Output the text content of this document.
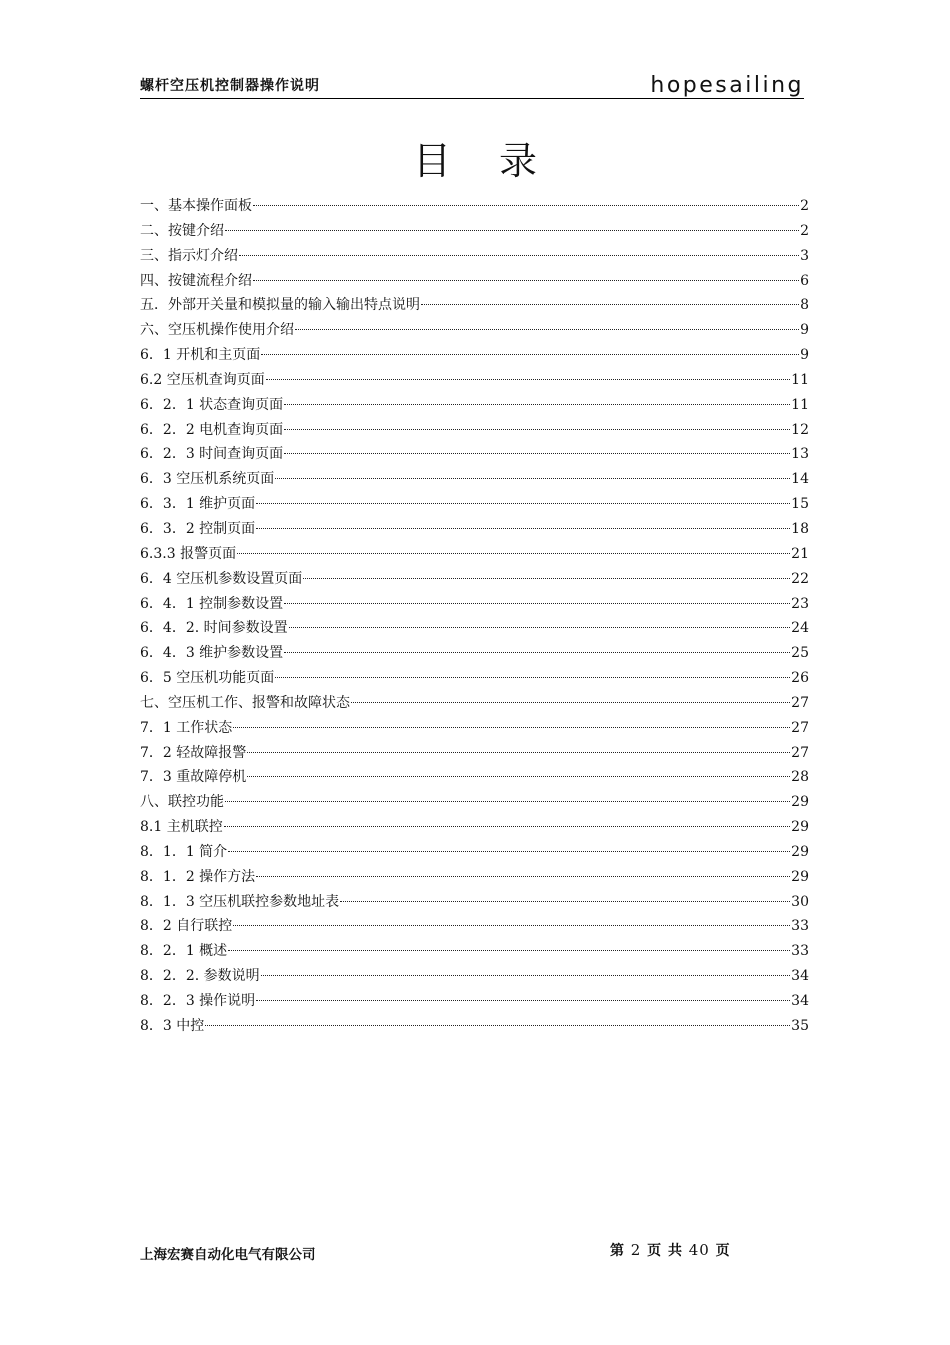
螺杆空压机控制器操作说明	hopesailing
目 录
一、基本操作面板	2
二、按键介绍	2
三、指示灯介绍	3
四、按键流程介绍	6
五．外部开关量和模拟量的输入输出特点说明	8
六、空压机操作使用介绍	9
6．1 开机和主页面	9
6.2 空压机查询页面	11
6．2．1 状态查询页面	11
6．2．2 电机查询页面	12
6．2．3 时间查询页面	13
6．3 空压机系统页面	14
6．3．1 维护页面	15
6．3．2 控制页面	18
6.3.3 报警页面	21
6．4 空压机参数设置页面	22
6．4．1 控制参数设置	23
6．4．2. 时间参数设置	24
6．4．3 维护参数设置	25
6．5 空压机功能页面	26
七、空压机工作、报警和故障状态	27
7．1 工作状态	27
7．2 轻故障报警	27
7．3 重故障停机	28
八、联控功能	29
8.1 主机联控	29
8．1．1 简介	29
8．1．2 操作方法	29
8．1．3 空压机联控参数地址表	30
8．2 自行联控	33
8．2．1 概述	33
8．2．2. 参数说明	34
8．2．3 操作说明	34
8．3 中控	35
上海宏赛自动化电气有限公司	第 2 页 共 40 页
